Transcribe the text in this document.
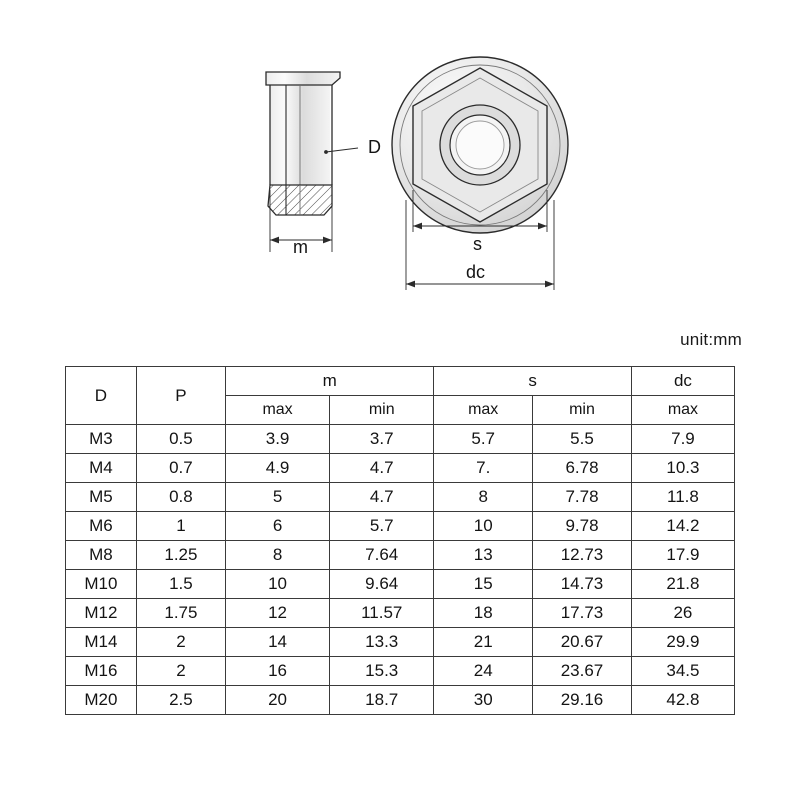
D
m	s
dc
unit:mm
D	P	m		s		dc
		max	min	max	min	max
M3	0.5	3.9	3.7	5.7	5.5	7.9
M4	0.7	4.9	4.7	7.	6.78	10.3
M5	0.8	5	4.7	8	7.78	11.8
M6	1	6	5.7	10	9.78	14.2
M8	1.25	8	7.64	13	12.73	17.9
M10	1.5	10	9.64	15	14.73	21.8
M12	1.75	12	11.57	18	17.73	26
M14	2	14	13.3	21	20.67	29.9
M16	2	16	15.3	24	23.67	34.5
M20	2.5	20	18.7	30	29.16	42.8
